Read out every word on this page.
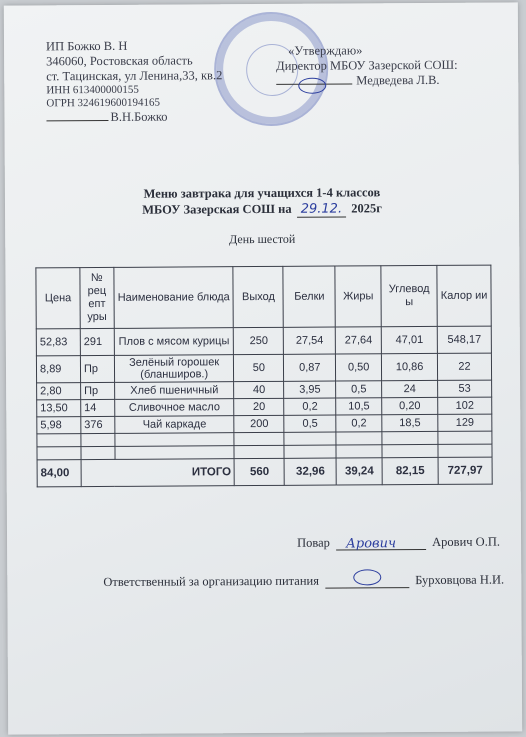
ИП Божко В. Н
346060, Ростовская область
ст. Тацинская, ул Ленина,33, кв.2
ИНН 613400000155
ОГРН 324619600194165
В.Н.Божко
«Утверждаю»
Директор МБОУ Зазерской СОШ:
Медведева Л.В.
Меню завтрака для учащихся 1-4 классов
МБОУ Зазерская СОШ на 29.12. 2025г
День шестой
Цена	№ рец епт уры	Наименование блюда	Выход	Белки	Жиры	Углевод ы	Калор ии
52,83	291	Плов с мясом курицы	250	27,54	27,64	47,01	548,17
8,89	Пр	Зелёный горошек (бланширов.)	50	0,87	0,50	10,86	22
2,80	Пр	Хлеб пшеничный	40	3,95	0,5	24	53
13,50	14	Сливочное масло	20	0,2	10,5	0,20	102
5,98	376	Чай каркаде	200	0,5	0,2	18,5	129

84,00	ИТОГО		560	32,96	39,24	82,15	727,97
Повар Арович	Арович О.П.
Ответственный за организацию питания	Бурховцова Н.И.
